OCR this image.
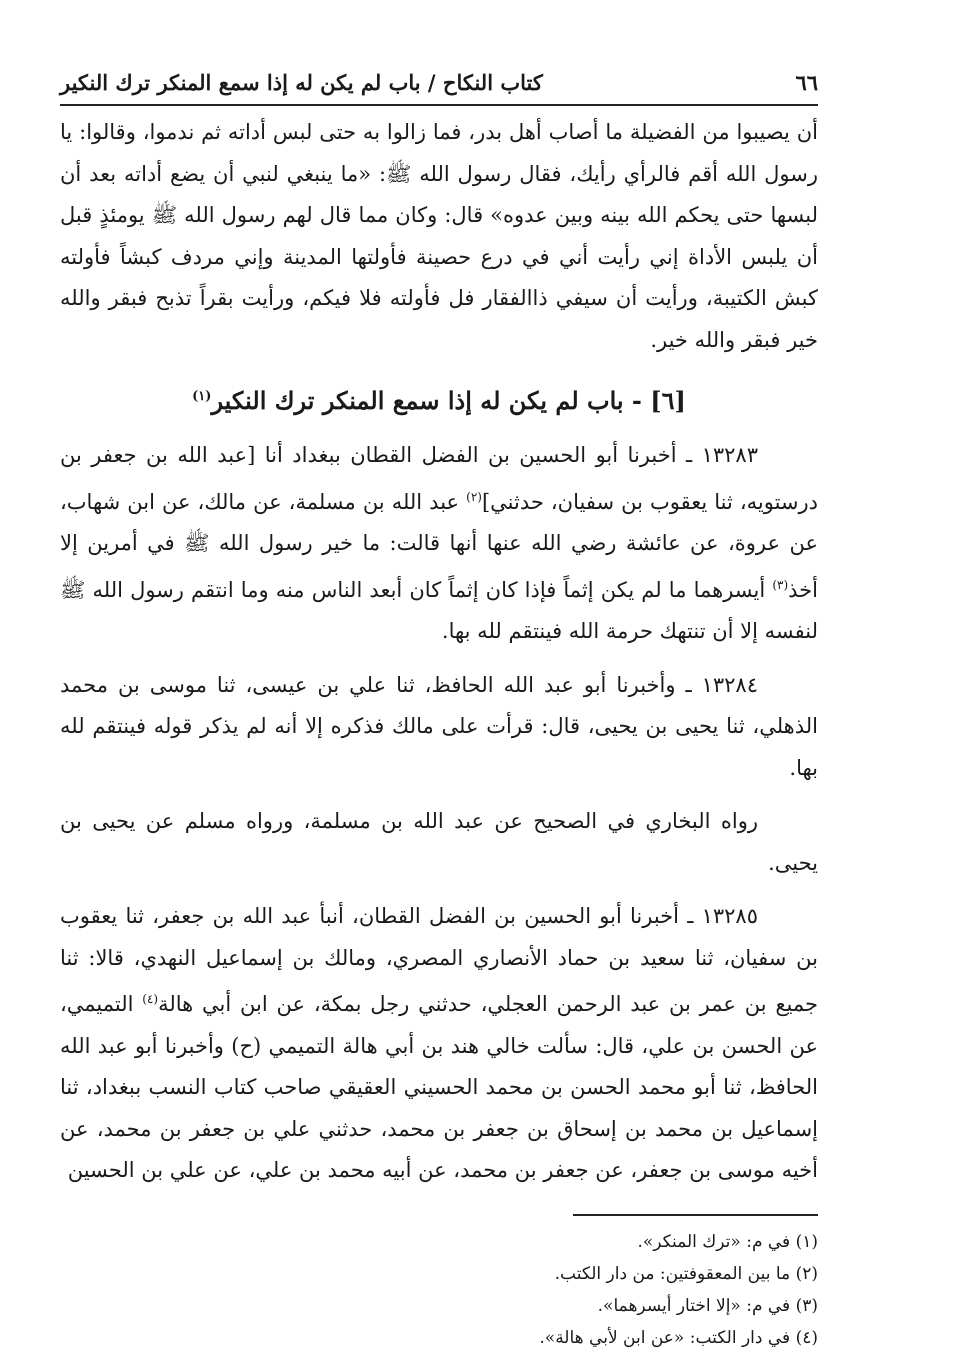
٦٦
كتاب النكاح / باب لم يكن له إذا سمع المنكر ترك النكير

أن يصيبوا من الفضيلة ما أصاب أهل بدر، فما زالوا به حتى لبس أداته ثم ندموا، وقالوا: يا رسول الله أقم فالرأي رأيك، فقال رسول الله ﷺ: «ما ينبغي لنبي أن يضع أداته بعد أن لبسها حتى يحكم الله بينه وبين عدوه» قال: وكان مما قال لهم رسول الله ﷺ يومئذٍ قبل أن يلبس الأداة إني رأيت أني في درع حصينة فأولتها المدينة وإني مردف كبشاً فأولته كبش الكتيبة، ورأيت أن سيفي ذاالفقار فل فأولته فلا فيكم، ورأيت بقراً تذبح فبقر والله خير فبقر والله خير.

[٦] - باب لم يكن له إذا سمع المنكر ترك النكير$^{(١)}$

١٣٢٨٣ ـ أخبرنا أبو الحسين بن الفضل القطان ببغداد أنا [عبد الله بن جعفر بن درستويه، ثنا يعقوب بن سفيان، حدثني]$^{(٢)}$ عبد الله بن مسلمة، عن مالك، عن ابن شهاب، عن عروة، عن عائشة رضي الله عنها أنها قالت: ما خير رسول الله ﷺ في أمرين إلا أخذ$^{(٣)}$ أيسرهما ما لم يكن إثماً فإذا كان إثماً كان أبعد الناس منه وما انتقم رسول الله ﷺ لنفسه إلا أن تنتهك حرمة الله فينتقم لله بها.

١٣٢٨٤ ـ وأخبرنا أبو عبد الله الحافظ، ثنا علي بن عيسى، ثنا موسى بن محمد الذهلي، ثنا يحيى بن يحيى، قال: قرأت على مالك فذكره إلا أنه لم يذكر قوله فينتقم لله بها.

رواه البخاري في الصحيح عن عبد الله بن مسلمة، ورواه مسلم عن يحيى بن يحيى.

١٣٢٨٥ ـ أخبرنا أبو الحسين بن الفضل القطان، أنبأ عبد الله بن جعفر، ثنا يعقوب بن سفيان، ثنا سعيد بن حماد الأنصاري المصري، ومالك بن إسماعيل النهدي، قالا: ثنا جميع بن عمر بن عبد الرحمن العجلي، حدثني رجل بمكة، عن ابن أبي هالة$^{(٤)}$ التميمي، عن الحسن بن علي، قال: سألت خالي هند بن أبي هالة التميمي (ح) وأخبرنا أبو عبد الله الحافظ، ثنا أبو محمد الحسن بن محمد الحسيني العقيقي صاحب كتاب النسب ببغداد، ثنا إسماعيل بن محمد بن إسحاق بن جعفر بن محمد، حدثني علي بن جعفر بن محمد، عن أخيه موسى بن جعفر، عن جعفر بن محمد، عن أبيه محمد بن علي، عن علي بن الحسين

(١) في م: «ترك المنكر».

(٢) ما بين المعقوفتين: من دار الكتب.

(٣) في م: «إلا اختار أيسرهما».

(٤) في دار الكتب: «عن ابن لأبي هالة».
